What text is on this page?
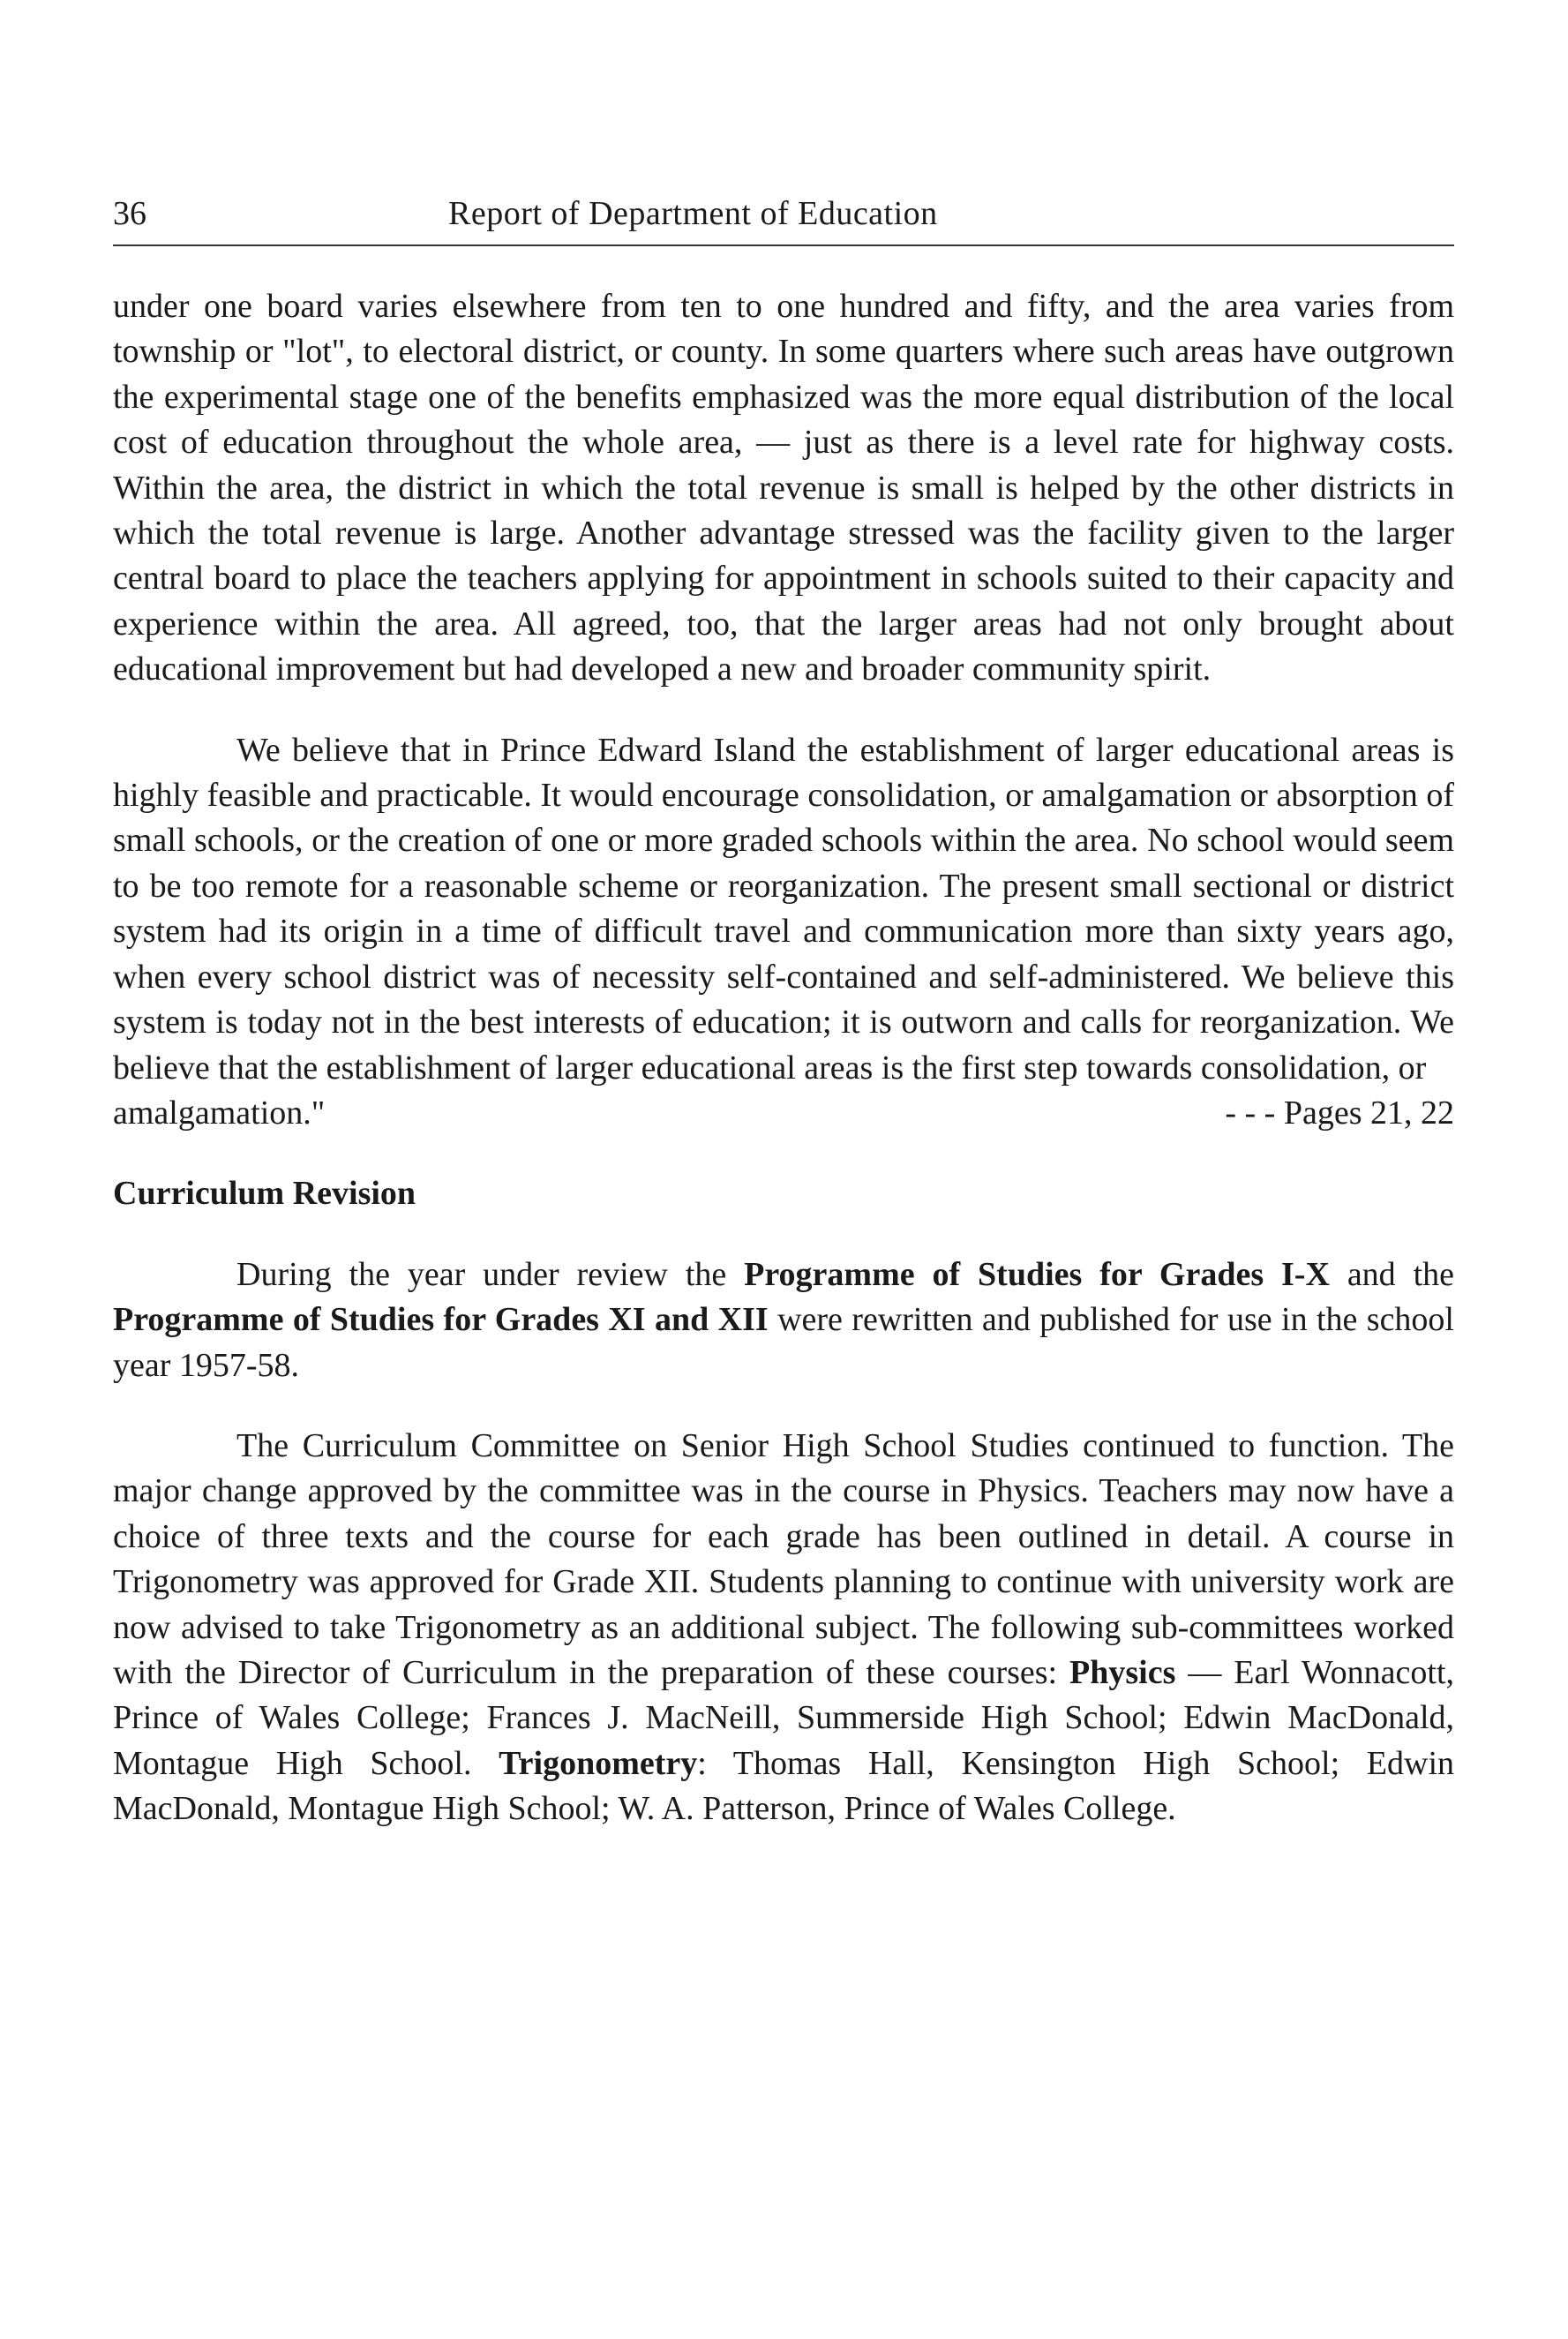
36	Report of Department of Education

under one board varies elsewhere from ten to one hundred and fifty, and the area varies from township or "lot", to electoral district, or county. In some quarters where such areas have outgrown the experimental stage one of the benefits emphasized was the more equal distribution of the local cost of education throughout the whole area, — just as there is a level rate for highway costs. Within the area, the district in which the total revenue is small is helped by the other districts in which the total revenue is large. Another advantage stressed was the facility given to the larger central board to place the teachers applying for appointment in schools suited to their capacity and experience within the area. All agreed, too, that the larger areas had not only brought about educational improvement but had developed a new and broader community spirit.

We believe that in Prince Edward Island the establishment of larger educational areas is highly feasible and practicable. It would encourage consolidation, or amalgamation or absorption of small schools, or the creation of one or more graded schools within the area. No school would seem to be too remote for a reasonable scheme or reorganization. The present small sectional or district system had its origin in a time of difficult travel and communication more than sixty years ago, when every school district was of necessity self-contained and self-administered. We believe this system is today not in the best interests of education; it is outworn and calls for reorganization. We believe that the establishment of larger educational areas is the first step towards consolidation, or

amalgamation."	- - - Pages 21, 22
Curriculum Revision

During the year under review the Programme of Studies for Grades I-X and the Programme of Studies for Grades XI and XII were rewritten and published for use in the school year 1957-58.

The Curriculum Committee on Senior High School Studies continued to function. The major change approved by the committee was in the course in Physics. Teachers may now have a choice of three texts and the course for each grade has been outlined in detail. A course in Trigonometry was approved for Grade XII. Students planning to continue with university work are now advised to take Trigonometry as an additional subject. The following sub-committees worked with the Director of Curriculum in the preparation of these courses: Physics — Earl Wonnacott, Prince of Wales College; Frances J. MacNeill, Summerside High School; Edwin MacDonald, Montague High School. Trigonometry: Thomas Hall, Kensington High School; Edwin MacDonald, Montague High School; W. A. Patterson, Prince of Wales College.
